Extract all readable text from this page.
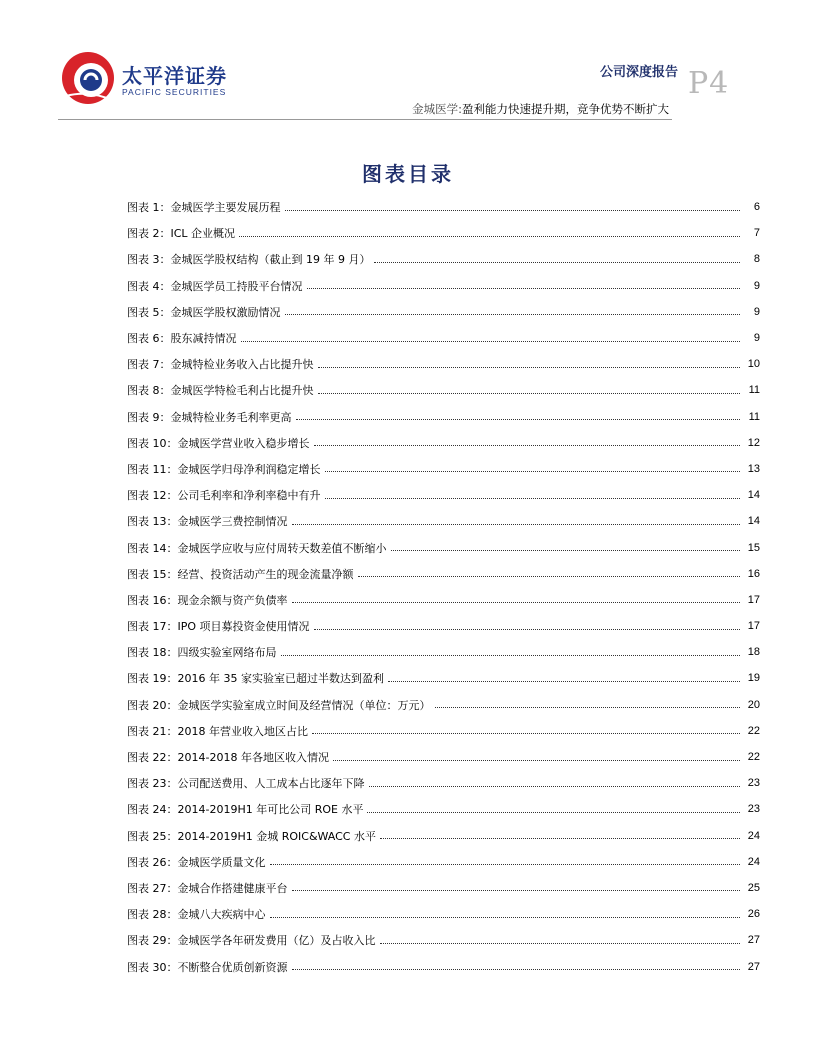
太平洋证券
PACIFIC SECURITIES
公司深度报告 P4
金城医学:盈利能力快速提升期，竞争优势不断扩大
图表目录
图表 1：金城医学主要发展历程	6
图表 2：ICL 企业概况	7
图表 3：金城医学股权结构（截止到 19 年 9 月）	8
图表 4：金城医学员工持股平台情况	9
图表 5：金城医学股权激励情况	9
图表 6：股东减持情况	9
图表 7：金城特检业务收入占比提升快	10
图表 8：金城医学特检毛利占比提升快	11
图表 9：金城特检业务毛利率更高	11
图表 10：金城医学营业收入稳步增长	12
图表 11：金城医学归母净利润稳定增长	13
图表 12：公司毛利率和净利率稳中有升	14
图表 13：金城医学三费控制情况	14
图表 14：金城医学应收与应付周转天数差值不断缩小	15
图表 15：经营、投资活动产生的现金流量净额	16
图表 16：现金余额与资产负债率	17
图表 17：IPO 项目募投资金使用情况	17
图表 18：四级实验室网络布局	18
图表 19：2016 年 35 家实验室已超过半数达到盈利	19
图表 20：金城医学实验室成立时间及经营情况（单位：万元）	20
图表 21：2018 年营业收入地区占比	22
图表 22：2014-2018 年各地区收入情况	22
图表 23：公司配送费用、人工成本占比逐年下降	23
图表 24：2014-2019H1 年可比公司 ROE 水平	23
图表 25：2014-2019H1 金城 ROIC&WACC 水平	24
图表 26：金城医学质量文化	24
图表 27：金城合作搭建健康平台	25
图表 28：金城八大疾病中心	26
图表 29：金城医学各年研发费用（亿）及占收入比	27
图表 30：不断整合优质创新资源	27
